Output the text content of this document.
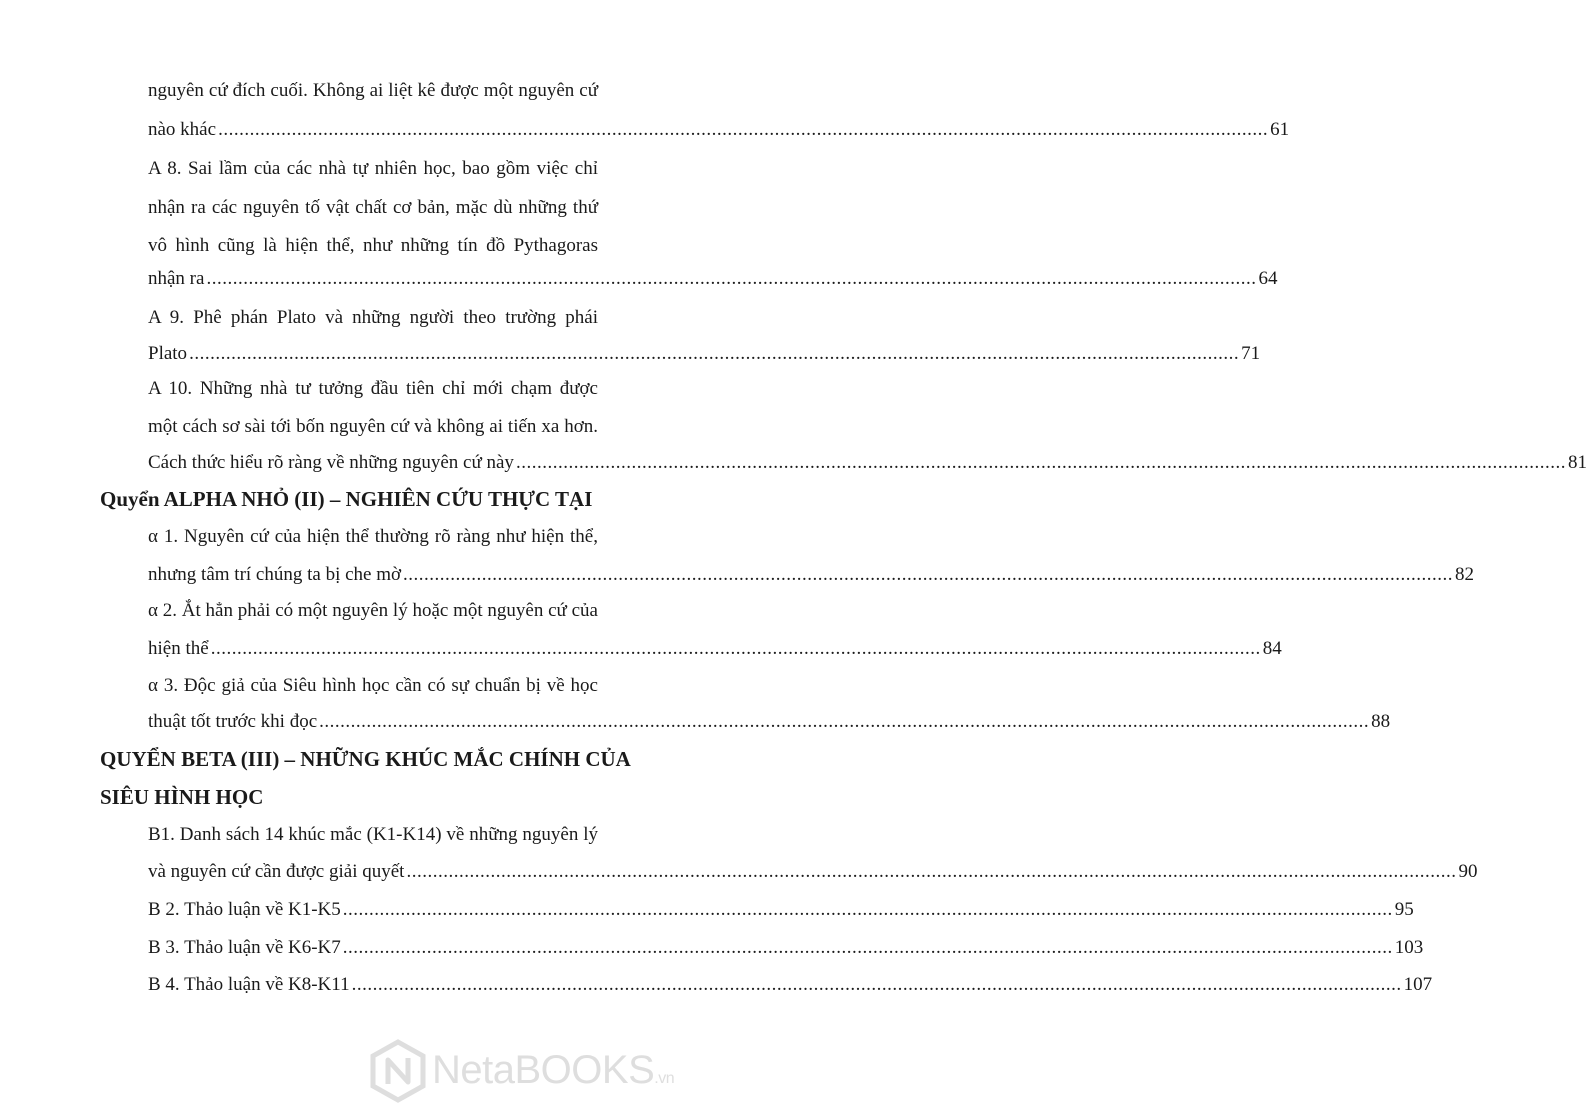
nguyên cứ đích cuối. Không ai liệt kê được một nguyên cứ
nào khác ........................................................................................................................................................................................................ 61
A 8. Sai lầm của các nhà tự nhiên học, bao gồm việc chỉ
nhận ra các nguyên tố vật chất cơ bản, mặc dù những thứ
vô hình cũng là hiện thể, như những tín đồ Pythagoras
nhận ra ........................................................................................................................................................................................................ 64
A 9. Phê phán Plato và những người theo trường phái
Plato ........................................................................................................................................................................................................ 71
A 10. Những nhà tư tưởng đầu tiên chỉ mới chạm được
một cách sơ sài tới bốn nguyên cứ và không ai tiến xa hơn.
Cách thức hiểu rõ ràng về những nguyên cứ này ........................................................................................................................................................................................................ 81
Quyển ALPHA NHỎ (II) – NGHIÊN CỨU THỰC TẠI
α 1. Nguyên cứ của hiện thể thường rõ ràng như hiện thể,
nhưng tâm trí chúng ta bị che mờ ........................................................................................................................................................................................................ 82
α 2. Ắt hẳn phải có một nguyên lý hoặc một nguyên cứ của
hiện thể ........................................................................................................................................................................................................ 84
α 3. Độc giả của Siêu hình học cần có sự chuẩn bị về học
thuật tốt trước khi đọc ........................................................................................................................................................................................................ 88
QUYỂN BETA (III) – NHỮNG KHÚC MẮC CHÍNH CỦA
SIÊU HÌNH HỌC
B1. Danh sách 14 khúc mắc (K1-K14) về những nguyên lý
và nguyên cứ cần được giải quyết ........................................................................................................................................................................................................ 90
B 2. Thảo luận về K1-K5 ........................................................................................................................................................................................................ 95
B 3. Thảo luận về K6-K7 ........................................................................................................................................................................................................ 103
B 4. Thảo luận về K8-K11 ........................................................................................................................................................................................................ 107
NetaBOOKS.vn
